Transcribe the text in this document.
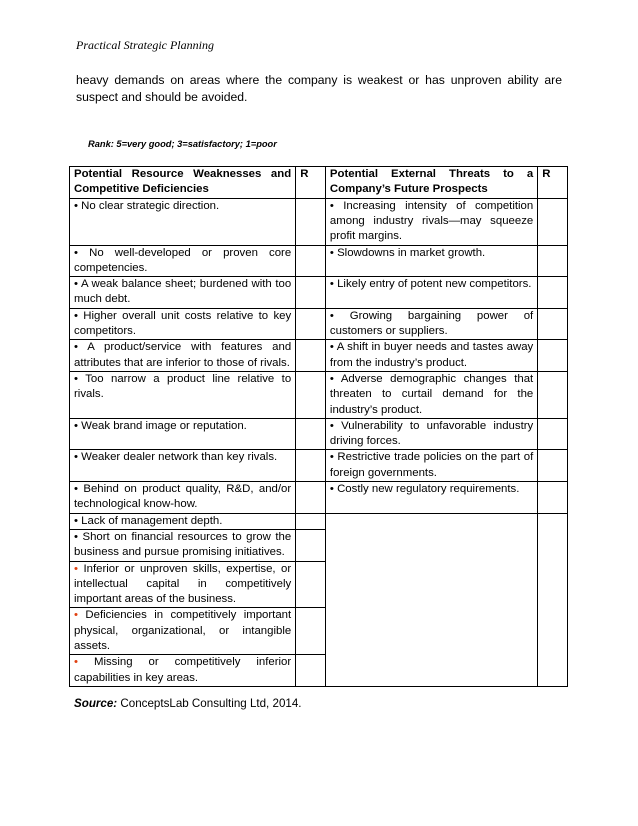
Practical Strategic Planning
heavy demands on areas where the company is weakest or has unproven ability are suspect and should be avoided.
Rank: 5=very good; 3=satisfactory; 1=poor
Potential Resource Weaknesses and Competitive Deficiencies	R	Potential External Threats to a Company’s Future Prospects	R
• No clear strategic direction.		• Increasing intensity of competition among industry rivals—may squeeze profit margins.	
• No well-developed or proven core competencies.		• Slowdowns in market growth.	
• A weak balance sheet; burdened with too much debt.		• Likely entry of potent new competitors.	
• Higher overall unit costs relative to key competitors.		• Growing bargaining power of customers or suppliers.	
• A product/service with features and attributes that are inferior to those of rivals.		• A shift in buyer needs and tastes away from the industry’s product.	
• Too narrow a product line relative to rivals.		• Adverse demographic changes that threaten to curtail demand for the industry’s product.	
• Weak brand image or reputation.		• Vulnerability to unfavorable industry driving forces.	
• Weaker dealer network than key rivals.		• Restrictive trade policies on the part of foreign governments.	
• Behind on product quality, R&D, and/or technological know-how.		• Costly new regulatory requirements.	
• Lack of management depth.			
• Short on financial resources to grow the business and pursue promising initiatives.			
• Inferior or unproven skills, expertise, or intellectual capital in competitively important areas of the business.			
• Deficiencies in competitively important physical, organizational, or intangible assets.			
• Missing or competitively inferior capabilities in key areas.			
Source: ConceptsLab Consulting Ltd, 2014.
